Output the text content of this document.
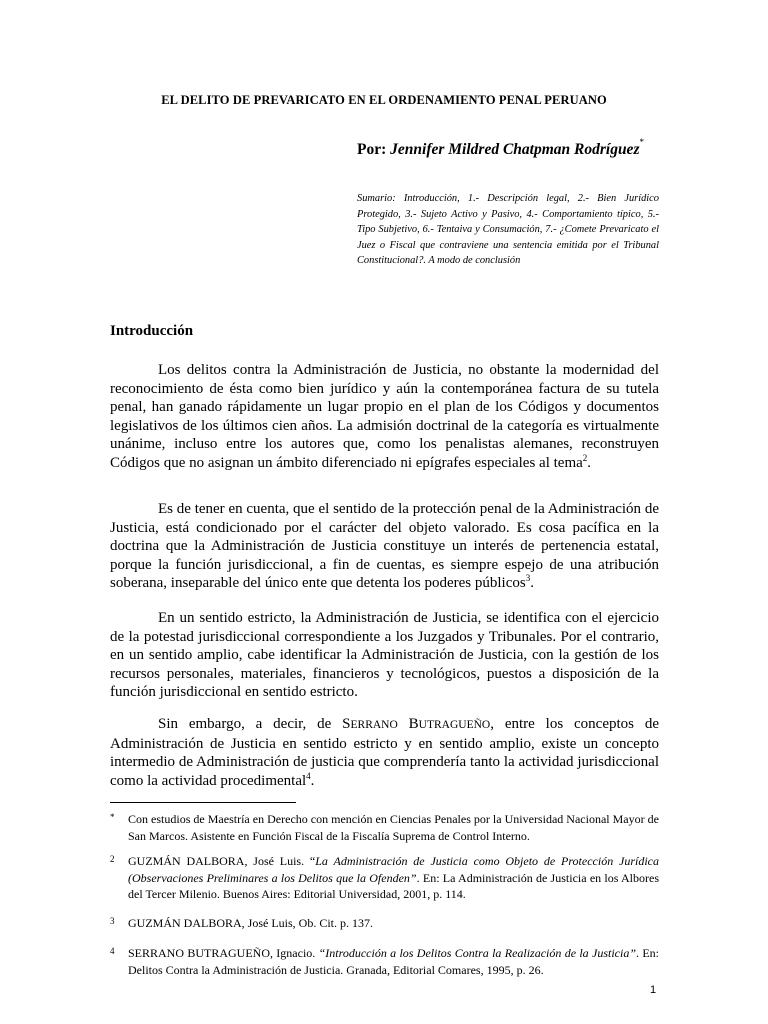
EL DELITO DE PREVARICATO EN EL ORDENAMIENTO PENAL PERUANO
Por: Jennifer Mildred Chatpman Rodríguez*

Sumario: Introducción, 1.- Descripción legal, 2.- Bien Jurídico Protegido, 3.- Sujeto Activo y Pasivo, 4.- Comportamiento típico, 5.- Tipo Subjetivo, 6.- Tentaiva y Consumación, 7.- ¿Comete Prevaricato el Juez o Fiscal que contraviene una sentencia emitida por el Tribunal Constitucional?. A modo de conclusión

Introducción

Los delitos contra la Administración de Justicia, no obstante la modernidad del reconocimiento de ésta como bien jurídico y aún la contemporánea factura de su tutela penal, han ganado rápidamente un lugar propio en el plan de los Códigos y documentos legislativos de los últimos cien años. La admisión doctrinal de la categoría es virtualmente unánime, incluso entre los autores que, como los penalistas alemanes, reconstruyen Códigos que no asignan un ámbito diferenciado ni epígrafes especiales al tema$^2$.

Es de tener en cuenta, que el sentido de la protección penal de la Administración de Justicia, está condicionado por el carácter del objeto valorado. Es cosa pacífica en la doctrina que la Administración de Justicia constituye un interés de pertenencia estatal, porque la función jurisdiccional, a fin de cuentas, es siempre espejo de una atribución soberana, inseparable del único ente que detenta los poderes públicos$^3$.

En un sentido estricto, la Administración de Justicia, se identifica con el ejercicio de la potestad jurisdiccional correspondiente a los Juzgados y Tribunales. Por el contrario, en un sentido amplio, cabe identificar la Administración de Justicia, con la gestión de los recursos personales, materiales, financieros y tecnológicos, puestos a disposición de la función jurisdiccional en sentido estricto.

Sin embargo, a decir, de SERRANO BUTRAGUEÑO, entre los conceptos de Administración de Justicia en sentido estricto y en sentido amplio, existe un concepto intermedio de Administración de justicia que comprendería tanto la actividad jurisdiccional como la actividad procedimental$^4$.

* Con estudios de Maestría en Derecho con mención en Ciencias Penales por la Universidad Nacional Mayor de San Marcos. Asistente en Función Fiscal de la Fiscalía Suprema de Control Interno.
2 GUZMÁN DALBORA, José Luis. “La Administración de Justicia como Objeto de Protección Jurídica (Observaciones Preliminares a los Delitos que la Ofenden”. En: La Administración de Justicia en los Albores del Tercer Milenio. Buenos Aires: Editorial Universidad, 2001, p. 114.
3 GUZMÁN DALBORA, José Luis, Ob. Cit. p. 137.
4 SERRANO BUTRAGUEÑO, Ignacio. “Introducción a los Delitos Contra la Realización de la Justicia”. En: Delitos Contra la Administración de Justicia. Granada, Editorial Comares, 1995, p. 26.
1
